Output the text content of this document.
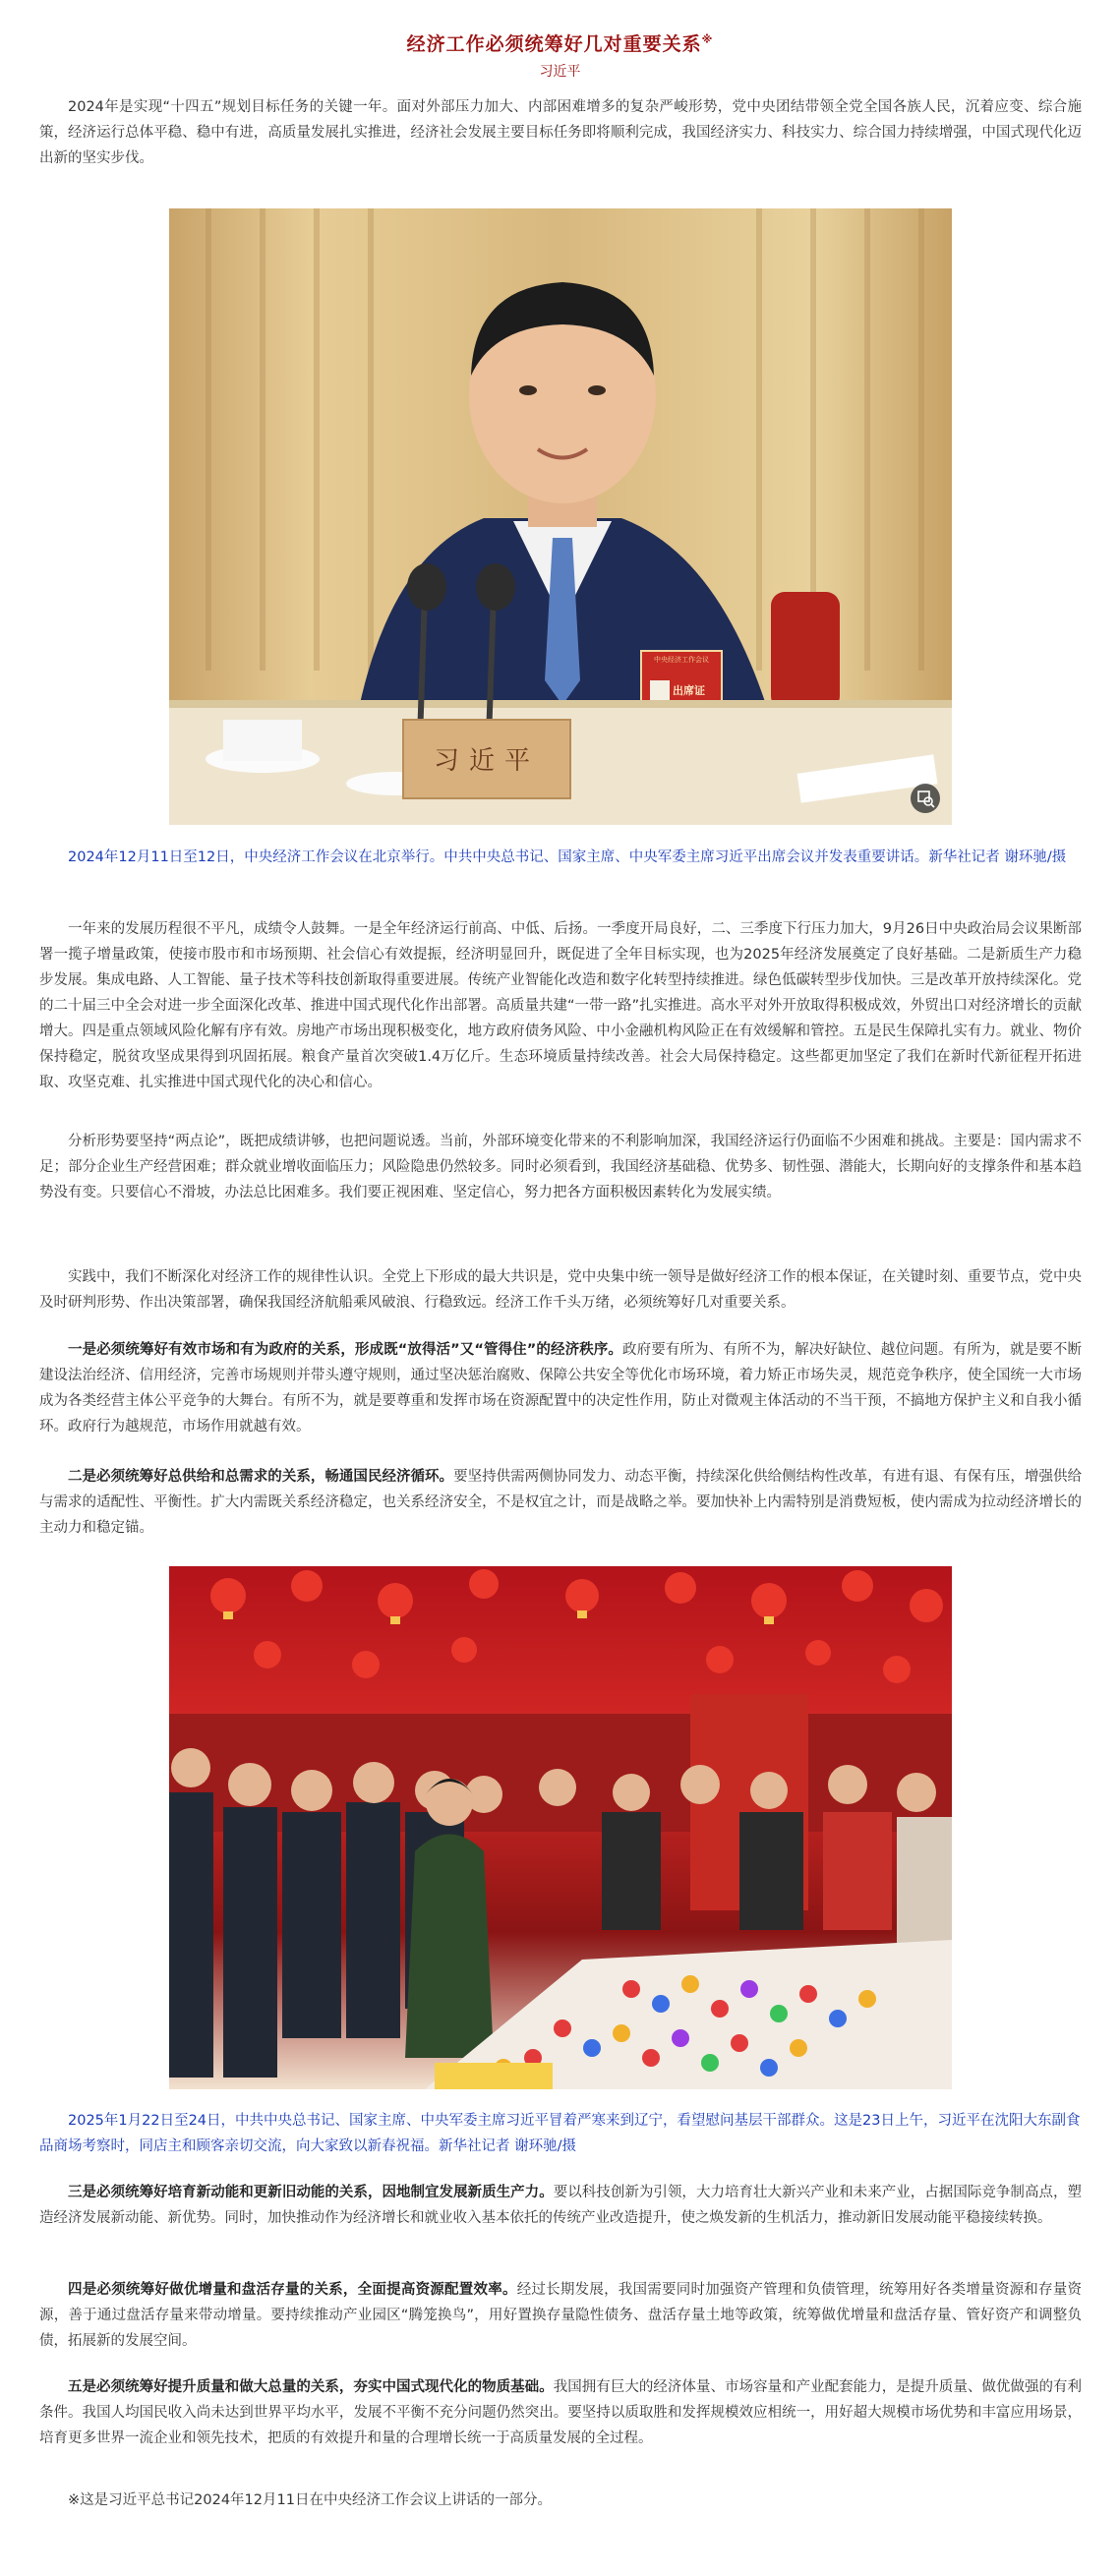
经济工作必须统筹好几对重要关系※
习近平

2024年是实现“十四五”规划目标任务的关键一年。面对外部压力加大、内部困难增多的复杂严峻形势，党中央团结带领全党全国各族人民，沉着应变、综合施策，经济运行总体平稳、稳中有进，高质量发展扎实推进，经济社会发展主要目标任务即将顺利完成，我国经济实力、科技实力、综合国力持续增强，中国式现代化迈出新的坚实步伐。

习近平
中央经济工作会议
出席证

2024年12月11日至12日，中央经济工作会议在北京举行。中共中央总书记、国家主席、中央军委主席习近平出席会议并发表重要讲话。新华社记者 谢环驰/摄

一年来的发展历程很不平凡，成绩令人鼓舞。一是全年经济运行前高、中低、后扬。一季度开局良好，二、三季度下行压力加大，9月26日中央政治局会议果断部署一揽子增量政策，使接市股市和市场预期、社会信心有效提振，经济明显回升，既促进了全年目标实现，也为2025年经济发展奠定了良好基础。二是新质生产力稳步发展。集成电路、人工智能、量子技术等科技创新取得重要进展。传统产业智能化改造和数字化转型持续推进。绿色低碳转型步伐加快。三是改革开放持续深化。党的二十届三中全会对进一步全面深化改革、推进中国式现代化作出部署。高质量共建“一带一路”扎实推进。高水平对外开放取得积极成效，外贸出口对经济增长的贡献增大。四是重点领域风险化解有序有效。房地产市场出现积极变化，地方政府债务风险、中小金融机构风险正在有效缓解和管控。五是民生保障扎实有力。就业、物价保持稳定，脱贫攻坚成果得到巩固拓展。粮食产量首次突破1.4万亿斤。生态环境质量持续改善。社会大局保持稳定。这些都更加坚定了我们在新时代新征程开拓进取、攻坚克难、扎实推进中国式现代化的决心和信心。

分析形势要坚持“两点论”，既把成绩讲够，也把问题说透。当前，外部环境变化带来的不利影响加深，我国经济运行仍面临不少困难和挑战。主要是：国内需求不足；部分企业生产经营困难；群众就业增收面临压力；风险隐患仍然较多。同时必须看到，我国经济基础稳、优势多、韧性强、潜能大，长期向好的支撑条件和基本趋势没有变。只要信心不滑坡，办法总比困难多。我们要正视困难、坚定信心，努力把各方面积极因素转化为发展实绩。

实践中，我们不断深化对经济工作的规律性认识。全党上下形成的最大共识是，党中央集中统一领导是做好经济工作的根本保证，在关键时刻、重要节点，党中央及时研判形势、作出决策部署，确保我国经济航船乘风破浪、行稳致远。经济工作千头万绪，必须统筹好几对重要关系。

一是必须统筹好有效市场和有为政府的关系，形成既“放得活”又“管得住”的经济秩序。政府要有所为、有所不为，解决好缺位、越位问题。有所为，就是要不断建设法治经济、信用经济，完善市场规则并带头遵守规则，通过坚决惩治腐败、保障公共安全等优化市场环境，着力矫正市场失灵，规范竞争秩序，使全国统一大市场成为各类经营主体公平竞争的大舞台。有所不为，就是要尊重和发挥市场在资源配置中的决定性作用，防止对微观主体活动的不当干预，不搞地方保护主义和自我小循环。政府行为越规范，市场作用就越有效。

二是必须统筹好总供给和总需求的关系，畅通国民经济循环。要坚持供需两侧协同发力、动态平衡，持续深化供给侧结构性改革，有进有退、有保有压，增强供给与需求的适配性、平衡性。扩大内需既关系经济稳定，也关系经济安全，不是权宜之计，而是战略之举。要加快补上内需特别是消费短板，使内需成为拉动经济增长的主动力和稳定锚。

2025年1月22日至24日，中共中央总书记、国家主席、中央军委主席习近平冒着严寒来到辽宁，看望慰问基层干部群众。这是23日上午，习近平在沈阳大东副食品商场考察时，同店主和顾客亲切交流，向大家致以新春祝福。新华社记者 谢环驰/摄

三是必须统筹好培育新动能和更新旧动能的关系，因地制宜发展新质生产力。要以科技创新为引领，大力培育壮大新兴产业和未来产业，占据国际竞争制高点，塑造经济发展新动能、新优势。同时，加快推动作为经济增长和就业收入基本依托的传统产业改造提升，使之焕发新的生机活力，推动新旧发展动能平稳接续转换。

四是必须统筹好做优增量和盘活存量的关系，全面提高资源配置效率。经过长期发展，我国需要同时加强资产管理和负债管理，统筹用好各类增量资源和存量资源，善于通过盘活存量来带动增量。要持续推动产业园区“腾笼换鸟”，用好置换存量隐性债务、盘活存量土地等政策，统筹做优增量和盘活存量、管好资产和调整负债，拓展新的发展空间。

五是必须统筹好提升质量和做大总量的关系，夯实中国式现代化的物质基础。我国拥有巨大的经济体量、市场容量和产业配套能力，是提升质量、做优做强的有利条件。我国人均国民收入尚未达到世界平均水平，发展不平衡不充分问题仍然突出。要坚持以质取胜和发挥规模效应相统一，用好超大规模市场优势和丰富应用场景，培育更多世界一流企业和领先技术，把质的有效提升和量的合理增长统一于高质量发展的全过程。

※这是习近平总书记2024年12月11日在中央经济工作会议上讲话的一部分。
